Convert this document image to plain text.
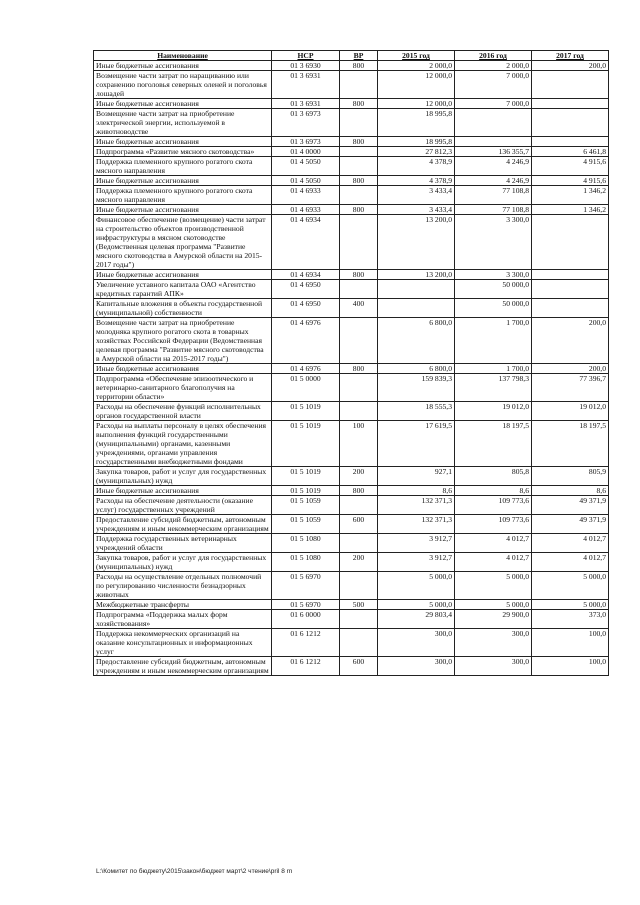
Наименование	НСР	ВР	2015 год	2016 год	2017 год
Иные бюджетные ассигнования	01 3 6930	800	2 000,0	2 000,0	200,0
Возмещение части затрат по наращиванию или сохранению поголовья северных оленей и поголовья лошадей	01 3 6931		12 000,0	7 000,0	
Иные бюджетные ассигнования	01 3 6931	800	12 000,0	7 000,0	
Возмещение части затрат на приобретение электрической энергии, используемой в животноводстве	01 3 6973		18 995,8		
Иные бюджетные ассигнования	01 3 6973	800	18 995,8		
Подпрограмма «Развитие мясного скотоводства»	01 4 0000		27 812,3	136 355,7	6 461,8
Поддержка племенного крупного рогатого скота мясного направления	01 4 5050		4 378,9	4 246,9	4 915,6
Иные бюджетные ассигнования	01 4 5050	800	4 378,9	4 246,9	4 915,6
Поддержка племенного крупного рогатого скота мясного направления	01 4 6933		3 433,4	77 108,8	1 346,2
Иные бюджетные ассигнования	01 4 6933	800	3 433,4	77 108,8	1 346,2
Финансовое обеспечение (возмещение) части затрат на строительство объектов производственной инфраструктуры в мясном скотоводстве (Ведомственная целевая программа "Развитие мясного скотоводства в Амурской области на 2015-2017 годы")	01 4 6934		13 200,0	3 300,0	
Иные бюджетные ассигнования	01 4 6934	800	13 200,0	3 300,0	
Увеличение уставного капитала ОАО «Агентство кредитных гарантий АПК»	01 4 6950			50 000,0	
Капитальные вложения в объекты государственной (муниципальной) собственности	01 4 6950	400		50 000,0	
Возмещение части затрат на приобретение молодняка крупного рогатого скота в товарных хозяйствах Российской Федерации (Ведомственная целевая программа "Развитие мясного скотоводства в Амурской области на 2015-2017 годы")	01 4 6976		6 800,0	1 700,0	200,0
Иные бюджетные ассигнования	01 4 6976	800	6 800,0	1 700,0	200,0
Подпрограмма «Обеспечение эпизоотического и ветеринарно-санитарного благополучия на территории области»	01 5 0000		159 839,3	137 798,3	77 396,7
Расходы на обеспечение функций исполнительных органов государственной власти	01 5 1019		18 555,3	19 012,0	19 012,0
Расходы на выплаты персоналу в целях обеспечения выполнения функций государственными (муниципальными) органами, казенными учреждениями, органами управления государственными внебюджетными фондами	01 5 1019	100	17 619,5	18 197,5	18 197,5
Закупка товаров, работ и услуг для государственных (муниципальных) нужд	01 5 1019	200	927,1	805,8	805,9
Иные бюджетные ассигнования	01 5 1019	800	8,6	8,6	8,6
Расходы на обеспечение деятельности (оказание услуг) государственных учреждений	01 5 1059		132 371,3	109 773,6	49 371,9
Предоставление субсидий бюджетным, автономным учреждениям и иным некоммерческим организациям	01 5 1059	600	132 371,3	109 773,6	49 371,9
Поддержка государственных ветеринарных учреждений области	01 5 1080		3 912,7	4 012,7	4 012,7
Закупка товаров, работ и услуг для государственных (муниципальных) нужд	01 5 1080	200	3 912,7	4 012,7	4 012,7
Расходы на осуществление отдельных полномочий по регулированию численности безнадзорных животных	01 5 6970		5 000,0	5 000,0	5 000,0
Межбюджетные трансферты	01 5 6970	500	5 000,0	5 000,0	5 000,0
Подпрограмма «Поддержка малых форм хозяйствования»	01 6 0000		29 803,4	29 900,0	373,0
Поддержка некоммерческих организаций на оказание консультационных и информационных услуг	01 6 1212		300,0	300,0	100,0
Предоставление субсидий бюджетным, автономным учреждениям и иным некоммерческим организациям	01 6 1212	600	300,0	300,0	100,0
L:\Комитет по бюджету\2015\закон\бюджет март\2 чтение\pril 8 rn
